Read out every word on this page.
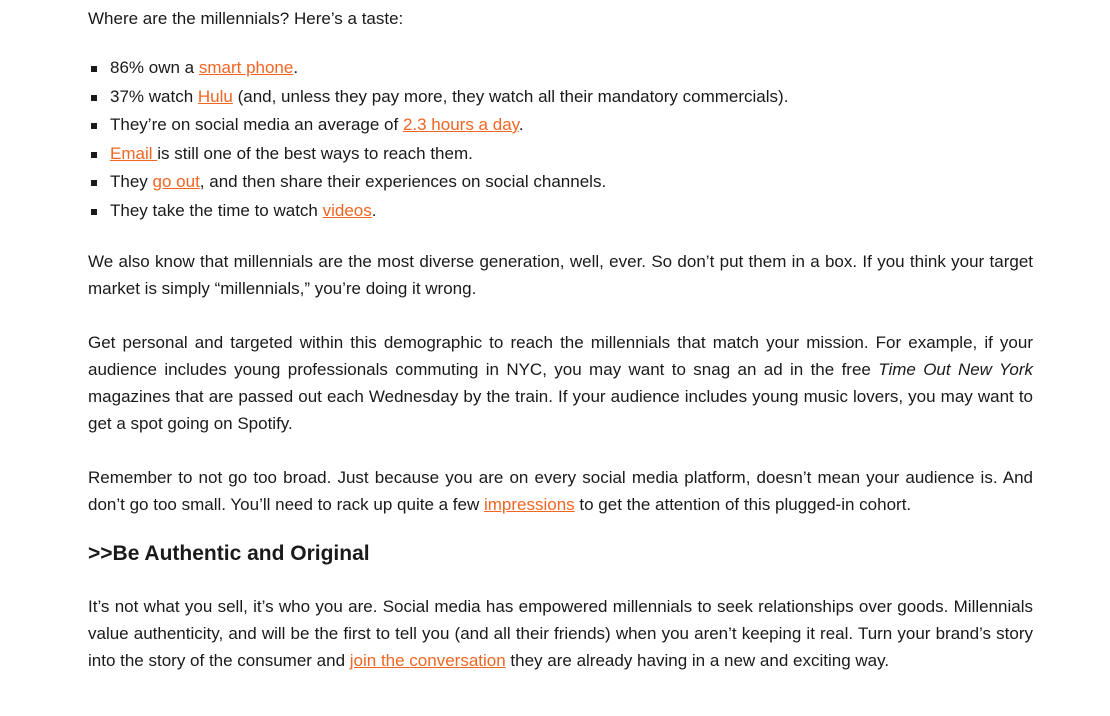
Where are the millennials? Here’s a taste:

86% own a smart phone.
37% watch Hulu (and, unless they pay more, they watch all their mandatory commercials).
They’re on social media an average of 2.3 hours a day.
Email is still one of the best ways to reach them.
They go out, and then share their experiences on social channels.
They take the time to watch videos.

We also know that millennials are the most diverse generation, well, ever. So don’t put them in a box. If you think your target market is simply “millennials,” you’re doing it wrong.

Get personal and targeted within this demographic to reach the millennials that match your mission. For example, if your audience includes young professionals commuting in NYC, you may want to snag an ad in the free Time Out New York magazines that are passed out each Wednesday by the train. If your audience includes young music lovers, you may want to get a spot going on Spotify.

Remember to not go too broad. Just because you are on every social media platform, doesn’t mean your audience is. And don’t go too small. You’ll need to rack up quite a few impressions to get the attention of this plugged-in cohort.

>>Be Authentic and Original

It’s not what you sell, it’s who you are. Social media has empowered millennials to seek relationships over goods. Millennials value authenticity, and will be the first to tell you (and all their friends) when you aren’t keeping it real. Turn your brand’s story into the story of the consumer and join the conversation they are already having in a new and exciting way.
